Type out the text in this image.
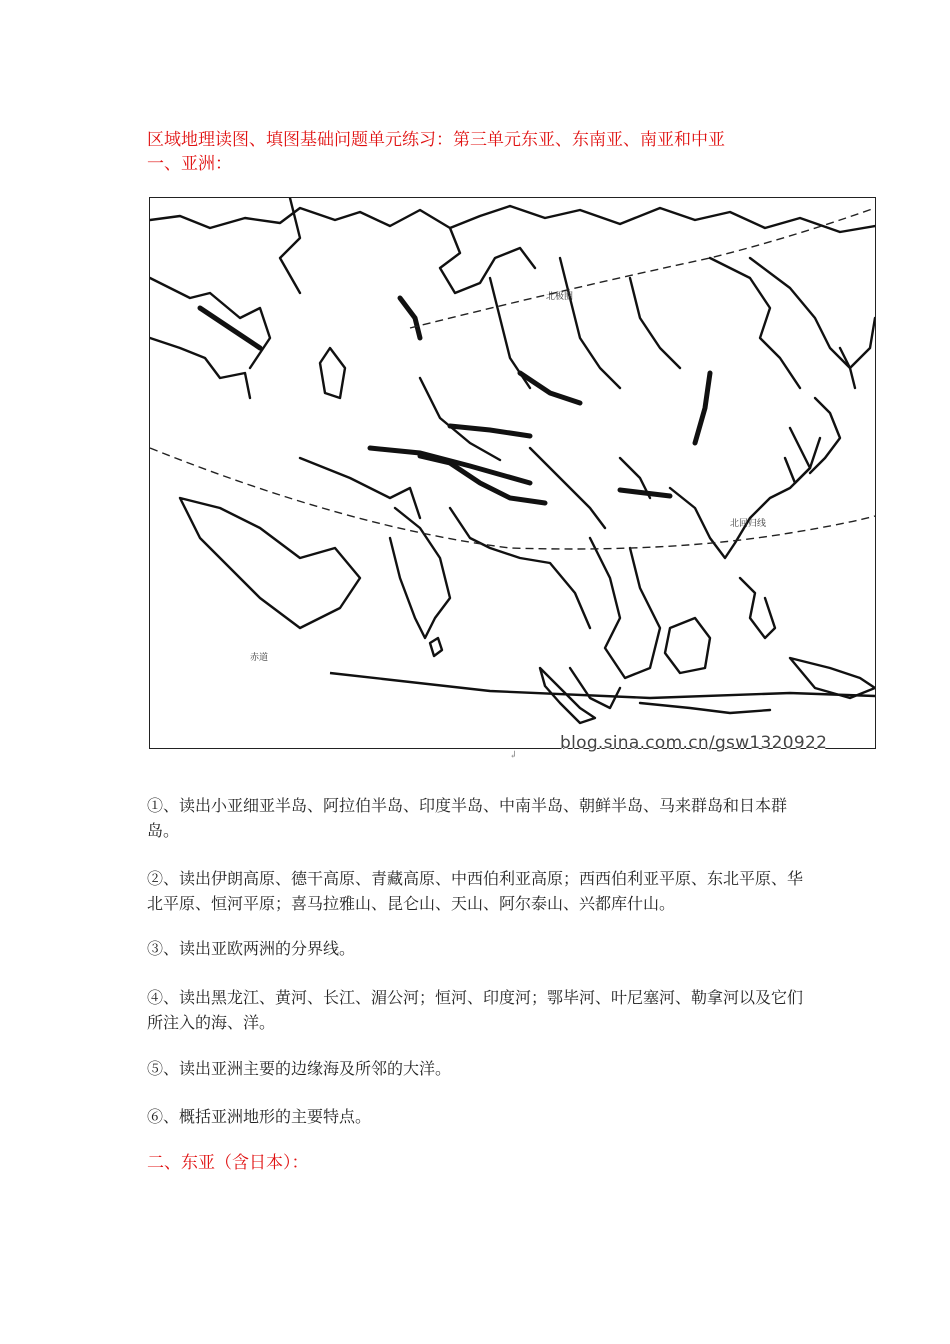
区域地理读图、填图基础问题单元练习：第三单元东亚、东南亚、南亚和中亚
一、亚洲：
北极圈
北回归线
赤道
blog.sina.com.cn/gsw1320922
↲
①、读出小亚细亚半岛、阿拉伯半岛、印度半岛、中南半岛、朝鲜半岛、马来群岛和日本群岛。
②、读出伊朗高原、德干高原、青藏高原、中西伯利亚高原；西西伯利亚平原、东北平原、华北平原、恒河平原；喜马拉雅山、昆仑山、天山、阿尔泰山、兴都库什山。
③、读出亚欧两洲的分界线。
④、读出黑龙江、黄河、长江、湄公河；恒河、印度河；鄂毕河、叶尼塞河、勒拿河以及它们所注入的海、洋。
⑤、读出亚洲主要的边缘海及所邻的大洋。
⑥、概括亚洲地形的主要特点。
二、东亚（含日本）：
